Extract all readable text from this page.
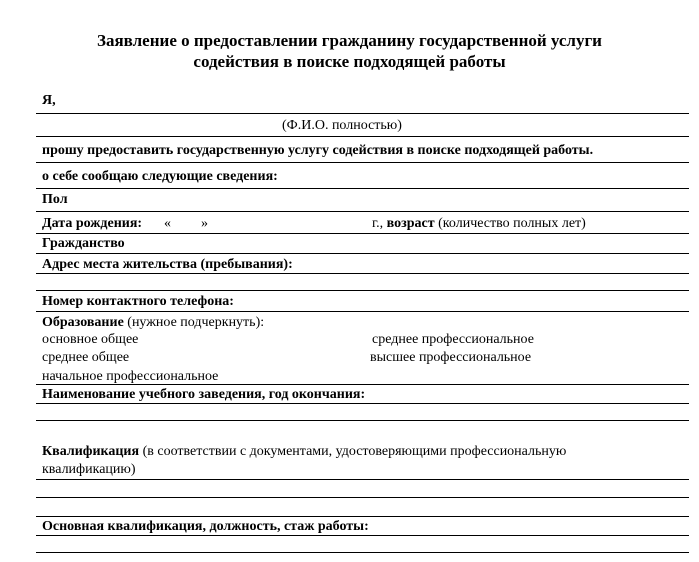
Заявление о предоставлении гражданину государственной услуги
содействия в поиске подходящей работы
Я,
(Ф.И.О. полностью)
прошу предоставить государственную услугу содействия в поиске подходящей работы.
о себе сообщаю следующие сведения:
Пол
Дата рождения: « »	г., возраст (количество полных лет)
Гражданство
Адрес места жительства (пребывания):
Номер контактного телефона:
Образование (нужное подчеркнуть):
основное общее	среднее профессиональное
среднее общее	высшее профессиональное
начальное профессиональное
Наименование учебного заведения, год окончания:
Квалификация (в соответствии с документами, удостоверяющими профессиональную
квалификацию)
Основная квалификация, должность, стаж работы:
